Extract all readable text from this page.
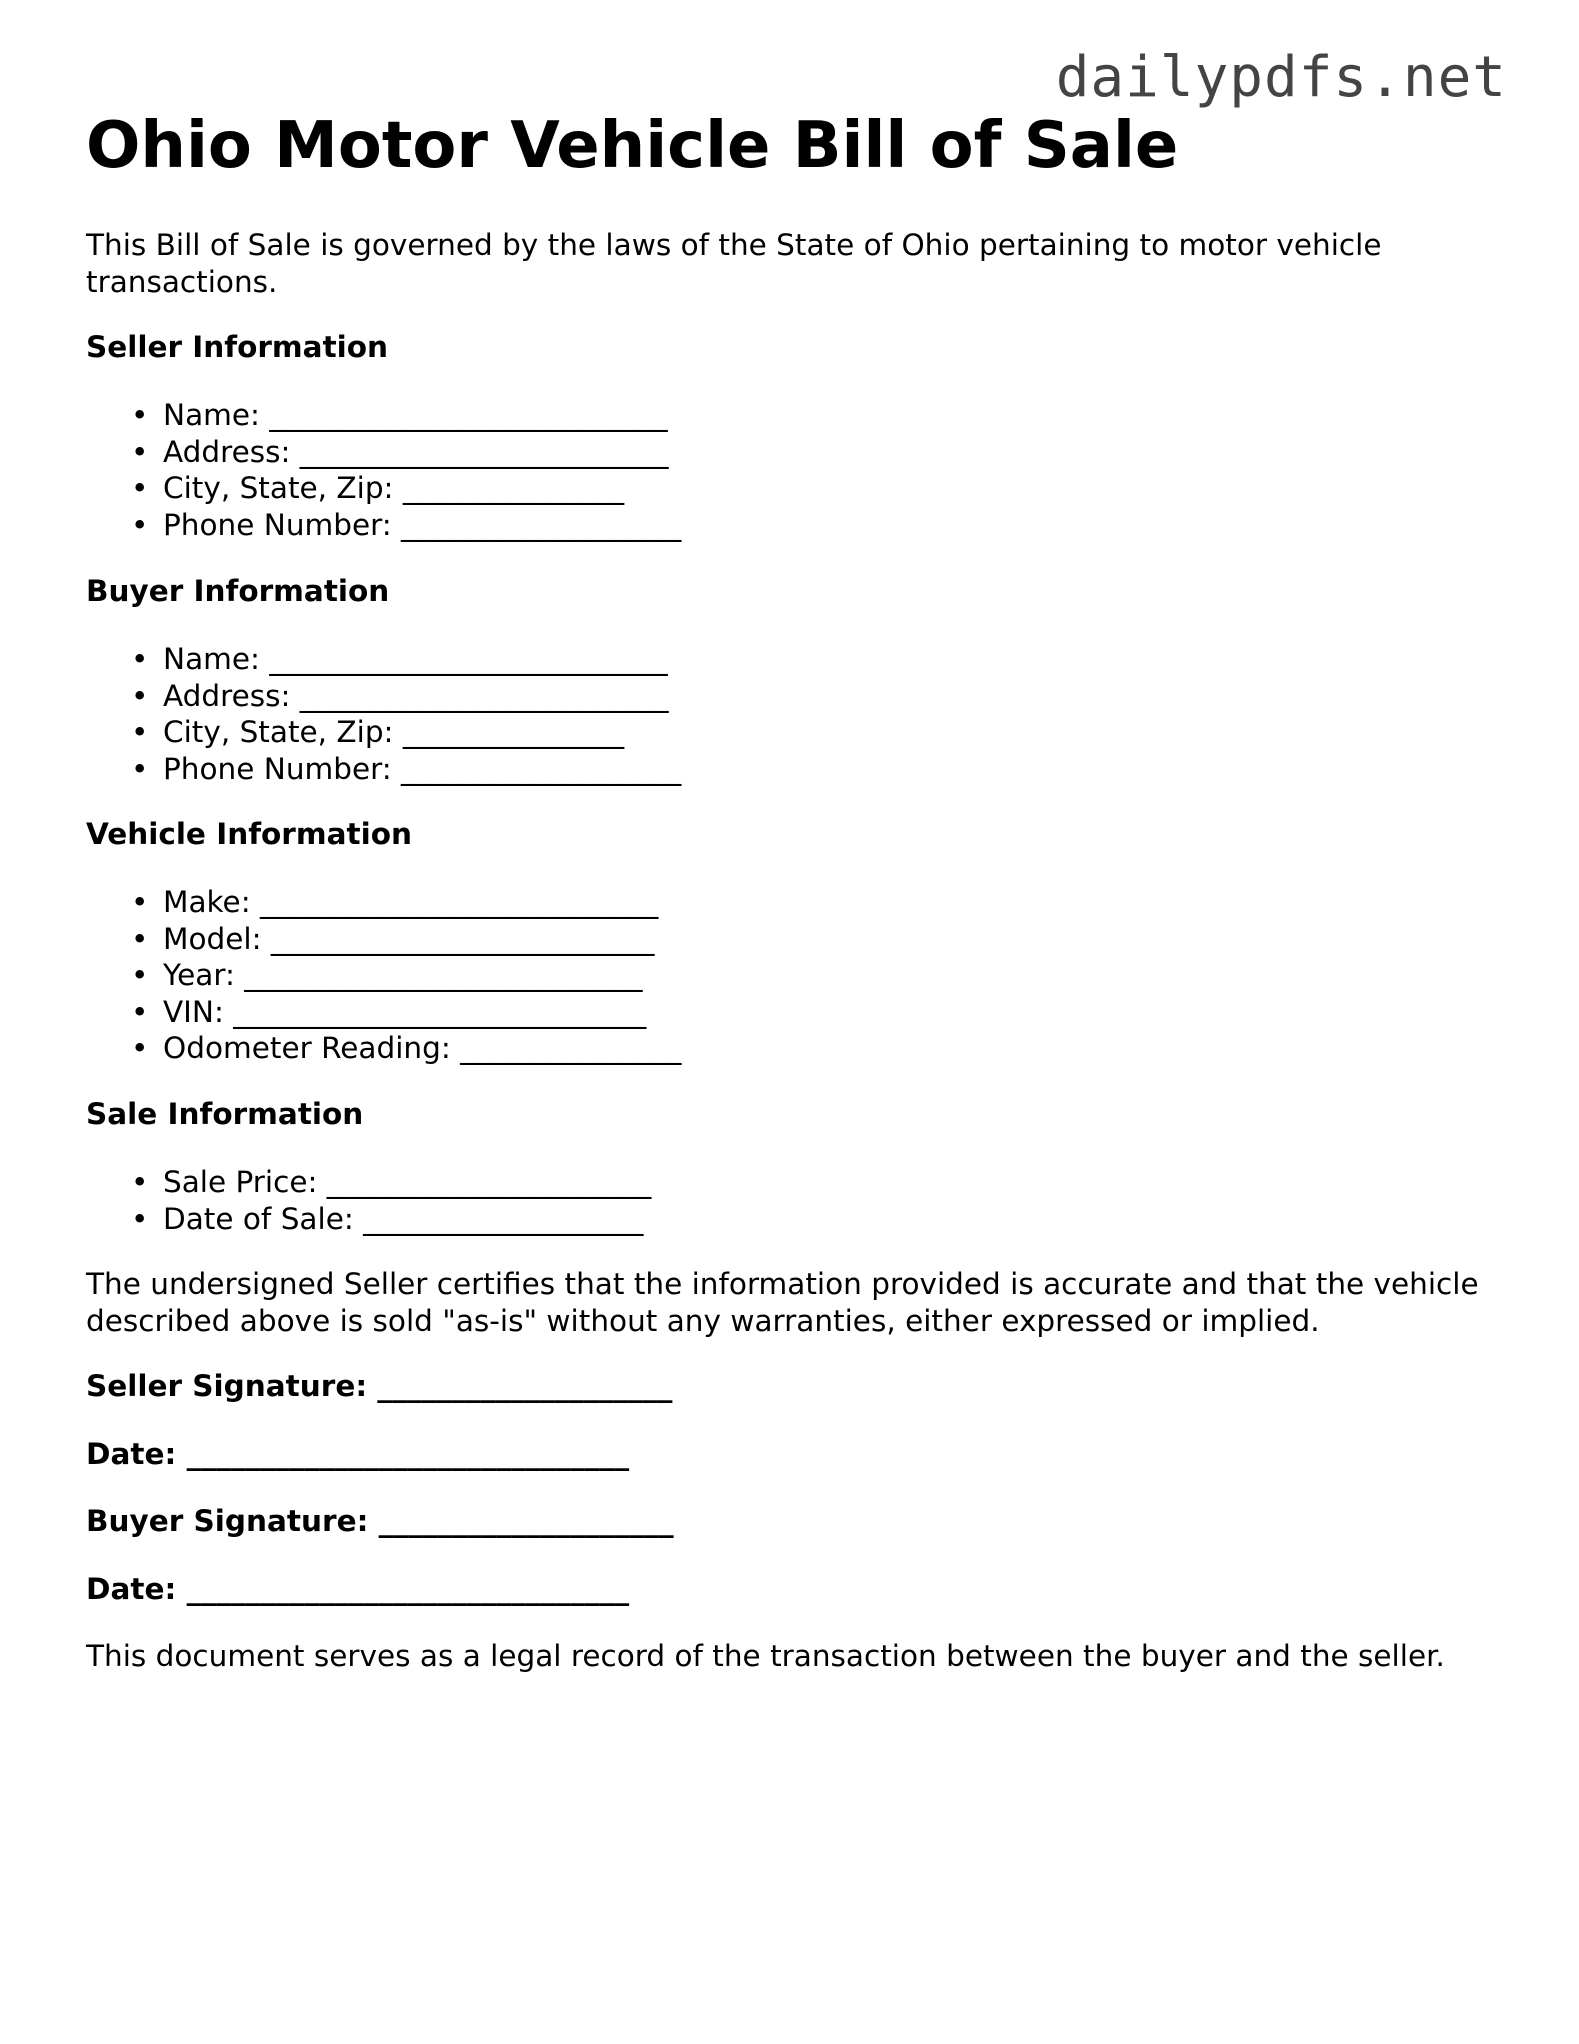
dailypdfs.net
Ohio Motor Vehicle Bill of Sale

This Bill of Sale is governed by the laws of the State of Ohio pertaining to motor vehicle transactions.

Seller Information
• Name: ___________________________
• Address: _________________________
• City, State, Zip: _______________
• Phone Number: ___________________
Buyer Information
• Name: ___________________________
• Address: _________________________
• City, State, Zip: _______________
• Phone Number: ___________________
Vehicle Information
• Make: ___________________________
• Model: __________________________
• Year: ___________________________
• VIN: ____________________________
• Odometer Reading: _______________
Sale Information
• Sale Price: ______________________
• Date of Sale: ___________________

The undersigned Seller certifies that the information provided is accurate and that the vehicle described above is sold "as-is" without any warranties, either expressed or implied.

Seller Signature: ____________________

Date: ______________________________

Buyer Signature: ____________________

Date: ______________________________

This document serves as a legal record of the transaction between the buyer and the seller.
